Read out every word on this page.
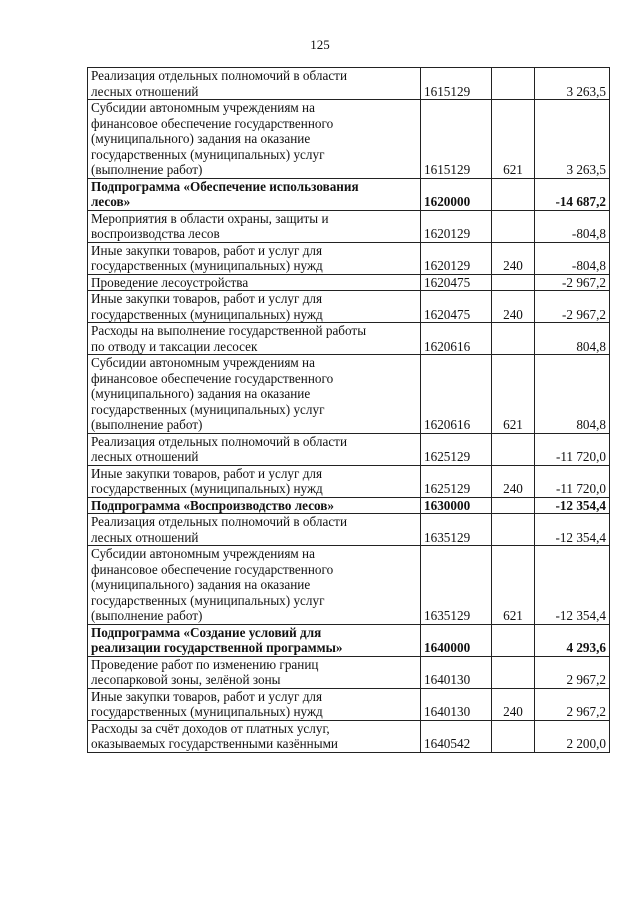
125
Реализация отдельных полномочий в области
лесных отношений	1615129		3 263,5
Субсидии автономным учреждениям на
финансовое обеспечение государственного
(муниципального) задания на оказание
государственных (муниципальных) услуг
(выполнение работ)	1615129	621	3 263,5
Подпрограмма «Обеспечение использования
лесов»	1620000		-14 687,2
Мероприятия в области охраны, защиты и
воспроизводства лесов	1620129		-804,8
Иные закупки товаров, работ и услуг для
государственных (муниципальных) нужд	1620129	240	-804,8
Проведение лесоустройства	1620475		-2 967,2
Иные закупки товаров, работ и услуг для
государственных (муниципальных) нужд	1620475	240	-2 967,2
Расходы на выполнение государственной работы
по отводу и таксации лесосек	1620616		804,8
Субсидии автономным учреждениям на
финансовое обеспечение государственного
(муниципального) задания на оказание
государственных (муниципальных) услуг
(выполнение работ)	1620616	621	804,8
Реализация отдельных полномочий в области
лесных отношений	1625129		-11 720,0
Иные закупки товаров, работ и услуг для
государственных (муниципальных) нужд	1625129	240	-11 720,0
Подпрограмма «Воспроизводство лесов»	1630000		-12 354,4
Реализация отдельных полномочий в области
лесных отношений	1635129		-12 354,4
Субсидии автономным учреждениям на
финансовое обеспечение государственного
(муниципального) задания на оказание
государственных (муниципальных) услуг
(выполнение работ)	1635129	621	-12 354,4
Подпрограмма «Создание условий для
реализации государственной программы»	1640000		4 293,6
Проведение работ по изменению границ
лесопарковой зоны, зелёной зоны	1640130		2 967,2
Иные закупки товаров, работ и услуг для
государственных (муниципальных) нужд	1640130	240	2 967,2
Расходы за счёт доходов от платных услуг,
оказываемых государственными казёнными	1640542		2 200,0
